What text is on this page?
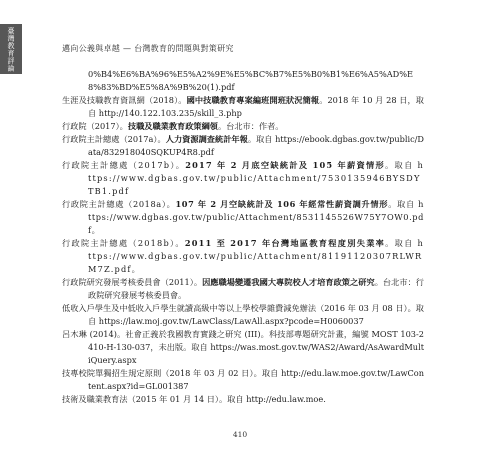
臺灣教育評論	邁向公義與卓越 — 台灣教育的問題與對策研究

0%B4%E6%BA%96%E5%A2%9E%E5%BC%B7%E5%B0%B1%E6%A5%AD%E8%83%BD%E5%8A%9B%20(1).pdf

生涯及技職教育資訊網（2018）。國中技職教育專案編班開班狀況簡報。2018 年 10 月 28 日，取自 http://140.122.103.235/skill_3.php

行政院（2017）。技職及職業教育政策綱領。台北市：作者。

行政院主計總處（2017a）。人力資源調查統計年報。取自 https://ebook.dgbas.gov.tw/public/Data/832918040SQKUP4R8.pdf

行政院主計總處（2017b）。2017 年 2 月底空缺統計及 105 年薪資情形。取自 https://www.dgbas.gov.tw/public/Attachment/7530135946BYSDYTB1.pdf

行政院主計總處（2018a）。107 年 2 月空缺統計及 106 年經常性薪資調升情形。取自 https://www.dgbas.gov.tw/public/Attachment/8531145526W75Y7OW0.pdf。

行政院主計總處（2018b）。2011 至 2017 年台灣地區教育程度別失業率。取自 https://www.dgbas.gov.tw/public/Attachment/81191120307RLWRM7Z.pdf。

行政院研究發展考核委員會（2011）。因應職場變遷我國大專院校人才培育政策之研究。台北市：行政院研究發展考核委員會。

低收入戶學生及中低收入戶學生就讀高級中等以上學校學雜費減免辦法（2016 年 03 月 08 日）。取自 https://law.moj.gov.tw/LawClass/LawAll.aspx?pcode=H0060037

呂木琳 (2014)。社會正義於我國教育實踐之研究 (III)。科技部專題研究計畫，編號 MOST 103-2410-H-130-037，未出版。取自 https://was.most.gov.tw/WAS2/Award/AsAwardMultiQuery.aspx

技專校院單獨招生規定原則（2018 年 03 月 02 日）。取自 http://edu.law.moe.gov.tw/LawContent.aspx?id=GL001387

技術及職業教育法（2015 年 01 月 14 日）。取自 http://edu.law.moe.

410
